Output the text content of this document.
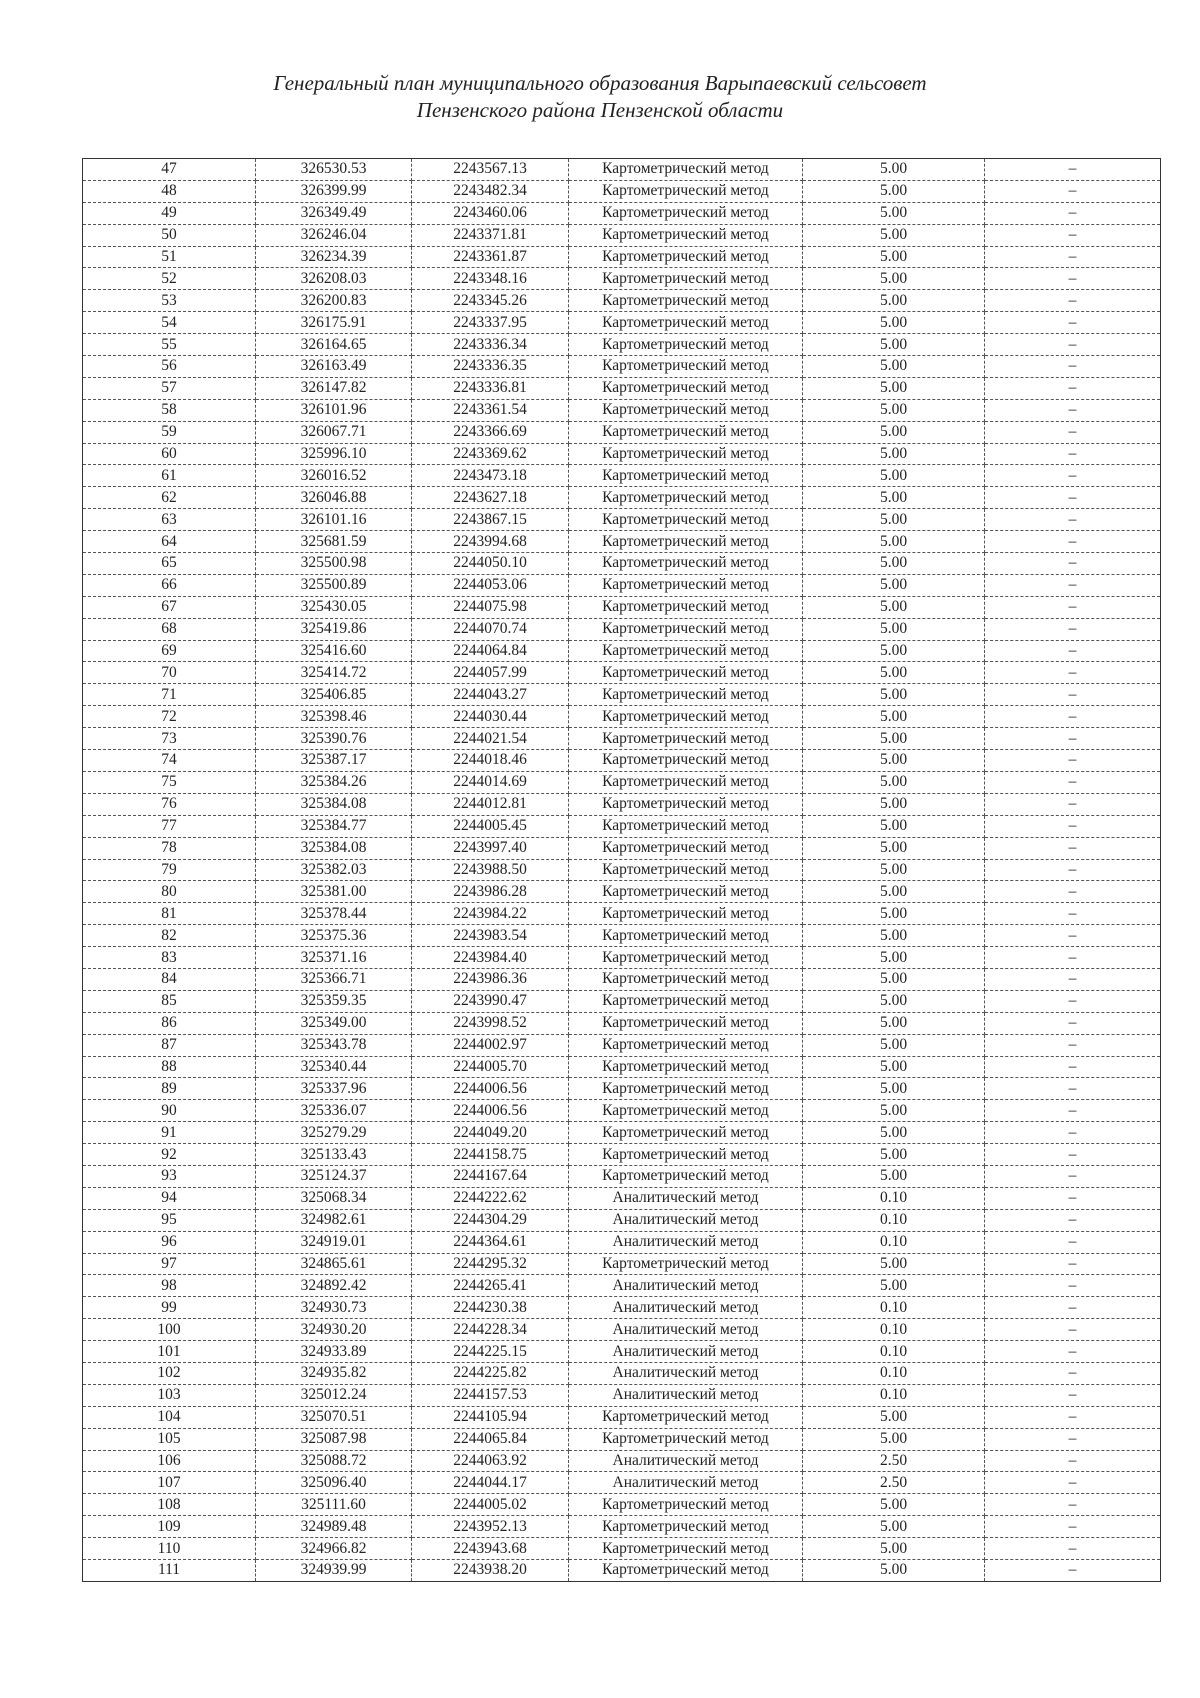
Генеральный план муниципального образования Варыпаевский сельсовет
Пензенского района Пензенской области
47	326530.53	2243567.13	Картометрический метод	5.00	–
48	326399.99	2243482.34	Картометрический метод	5.00	–
49	326349.49	2243460.06	Картометрический метод	5.00	–
50	326246.04	2243371.81	Картометрический метод	5.00	–
51	326234.39	2243361.87	Картометрический метод	5.00	–
52	326208.03	2243348.16	Картометрический метод	5.00	–
53	326200.83	2243345.26	Картометрический метод	5.00	–
54	326175.91	2243337.95	Картометрический метод	5.00	–
55	326164.65	2243336.34	Картометрический метод	5.00	–
56	326163.49	2243336.35	Картометрический метод	5.00	–
57	326147.82	2243336.81	Картометрический метод	5.00	–
58	326101.96	2243361.54	Картометрический метод	5.00	–
59	326067.71	2243366.69	Картометрический метод	5.00	–
60	325996.10	2243369.62	Картометрический метод	5.00	–
61	326016.52	2243473.18	Картометрический метод	5.00	–
62	326046.88	2243627.18	Картометрический метод	5.00	–
63	326101.16	2243867.15	Картометрический метод	5.00	–
64	325681.59	2243994.68	Картометрический метод	5.00	–
65	325500.98	2244050.10	Картометрический метод	5.00	–
66	325500.89	2244053.06	Картометрический метод	5.00	–
67	325430.05	2244075.98	Картометрический метод	5.00	–
68	325419.86	2244070.74	Картометрический метод	5.00	–
69	325416.60	2244064.84	Картометрический метод	5.00	–
70	325414.72	2244057.99	Картометрический метод	5.00	–
71	325406.85	2244043.27	Картометрический метод	5.00	–
72	325398.46	2244030.44	Картометрический метод	5.00	–
73	325390.76	2244021.54	Картометрический метод	5.00	–
74	325387.17	2244018.46	Картометрический метод	5.00	–
75	325384.26	2244014.69	Картометрический метод	5.00	–
76	325384.08	2244012.81	Картометрический метод	5.00	–
77	325384.77	2244005.45	Картометрический метод	5.00	–
78	325384.08	2243997.40	Картометрический метод	5.00	–
79	325382.03	2243988.50	Картометрический метод	5.00	–
80	325381.00	2243986.28	Картометрический метод	5.00	–
81	325378.44	2243984.22	Картометрический метод	5.00	–
82	325375.36	2243983.54	Картометрический метод	5.00	–
83	325371.16	2243984.40	Картометрический метод	5.00	–
84	325366.71	2243986.36	Картометрический метод	5.00	–
85	325359.35	2243990.47	Картометрический метод	5.00	–
86	325349.00	2243998.52	Картометрический метод	5.00	–
87	325343.78	2244002.97	Картометрический метод	5.00	–
88	325340.44	2244005.70	Картометрический метод	5.00	–
89	325337.96	2244006.56	Картометрический метод	5.00	–
90	325336.07	2244006.56	Картометрический метод	5.00	–
91	325279.29	2244049.20	Картометрический метод	5.00	–
92	325133.43	2244158.75	Картометрический метод	5.00	–
93	325124.37	2244167.64	Картометрический метод	5.00	–
94	325068.34	2244222.62	Аналитический метод	0.10	–
95	324982.61	2244304.29	Аналитический метод	0.10	–
96	324919.01	2244364.61	Аналитический метод	0.10	–
97	324865.61	2244295.32	Картометрический метод	5.00	–
98	324892.42	2244265.41	Аналитический метод	5.00	–
99	324930.73	2244230.38	Аналитический метод	0.10	–
100	324930.20	2244228.34	Аналитический метод	0.10	–
101	324933.89	2244225.15	Аналитический метод	0.10	–
102	324935.82	2244225.82	Аналитический метод	0.10	–
103	325012.24	2244157.53	Аналитический метод	0.10	–
104	325070.51	2244105.94	Картометрический метод	5.00	–
105	325087.98	2244065.84	Картометрический метод	5.00	–
106	325088.72	2244063.92	Аналитический метод	2.50	–
107	325096.40	2244044.17	Аналитический метод	2.50	–
108	325111.60	2244005.02	Картометрический метод	5.00	–
109	324989.48	2243952.13	Картометрический метод	5.00	–
110	324966.82	2243943.68	Картометрический метод	5.00	–
111	324939.99	2243938.20	Картометрический метод	5.00	–
